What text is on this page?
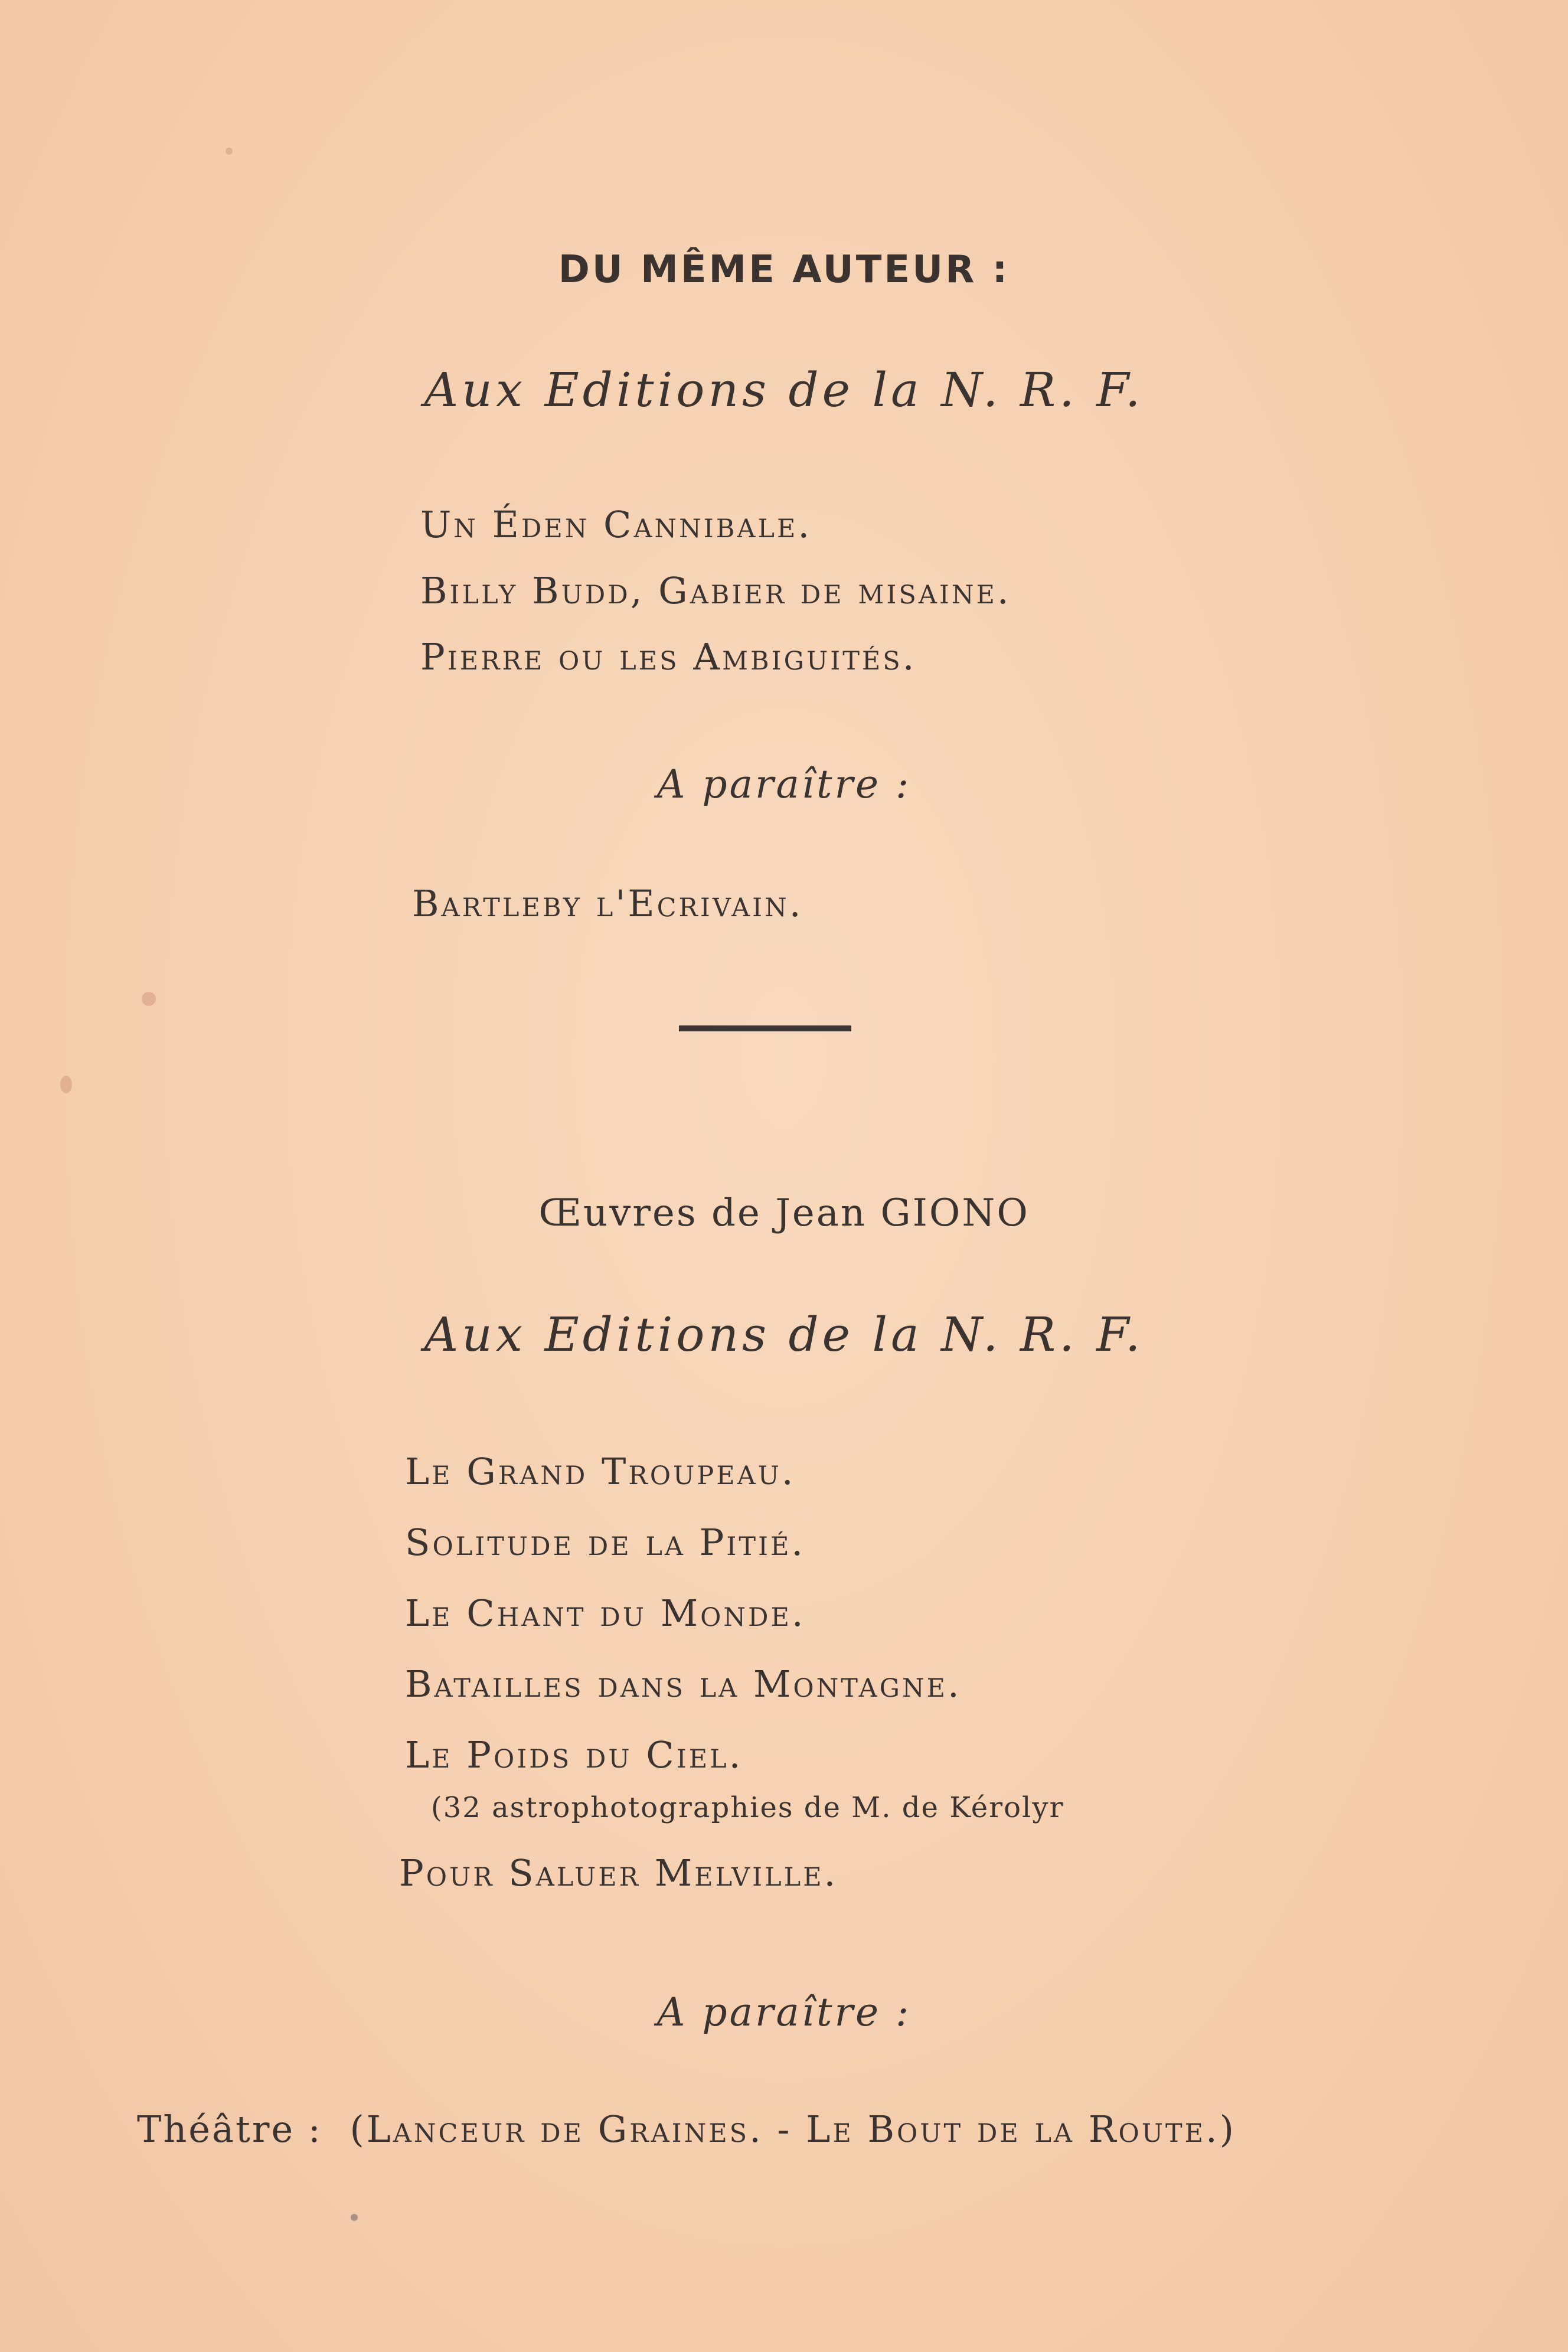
DU MÊME AUTEUR :
Aux Editions de la N. R. F.
Un Éden Cannibale.
Billy Budd, Gabier de misaine.
Pierre ou les Ambiguités.
A paraître :
Bartleby l'Ecrivain.
Œuvres de Jean GIONO
Aux Editions de la N. R. F.
Le Grand Troupeau.
Solitude de la Pitié.
Le Chant du Monde.
Batailles dans la Montagne.
Le Poids du Ciel.
(32 astrophotographies de M. de Kérolyr
Pour Saluer Melville.
A paraître :
Théâtre : (Lanceur de Graines. - Le Bout de la Route.)
